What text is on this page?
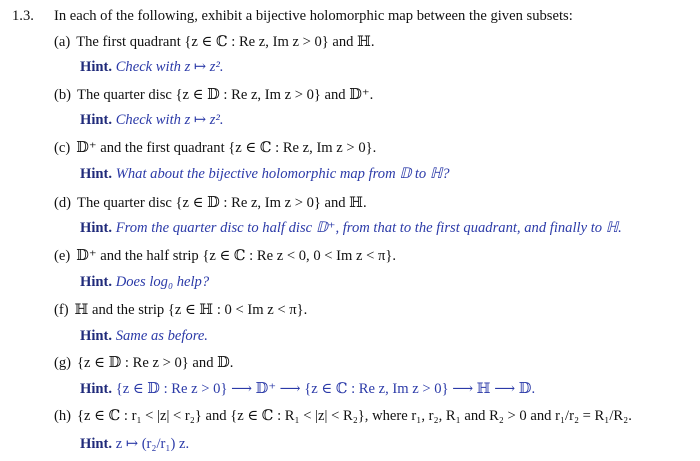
1.3. In each of the following, exhibit a bijective holomorphic map between the given subsets:
(a) The first quadrant {z ∈ ℂ : Re z, Im z > 0} and ℍ.
Hint. Check with z ↦ z².
(b) The quarter disc {z ∈ 𝔻 : Re z, Im z > 0} and 𝔻⁺.
Hint. Check with z ↦ z².
(c) 𝔻⁺ and the first quadrant {z ∈ ℂ : Re z, Im z > 0}.
Hint. What about the bijective holomorphic map from 𝔻 to ℍ?
(d) The quarter disc {z ∈ 𝔻 : Re z, Im z > 0} and ℍ.
Hint. From the quarter disc to half disc 𝔻⁺, from that to the first quadrant, and finally to ℍ.
(e) 𝔻⁺ and the half strip {z ∈ ℂ : Re z < 0, 0 < Im z < π}.
Hint. Does log₀ help?
(f) ℍ and the strip {z ∈ ℍ : 0 < Im z < π}.
Hint. Same as before.
(g) {z ∈ 𝔻 : Re z > 0} and 𝔻.
Hint. {z ∈ 𝔻 : Re z > 0} ⟶ 𝔻⁺ ⟶ {z ∈ ℂ : Re z, Im z > 0} ⟶ ℍ ⟶ 𝔻.
(h) {z ∈ ℂ : r₁ < |z| < r₂} and {z ∈ ℂ : R₁ < |z| < R₂}, where r₁, r₂, R₁ and R₂ > 0 and r₁/r₂ = R₁/R₂.
Hint. z ↦ (r₂/r₁) z.
